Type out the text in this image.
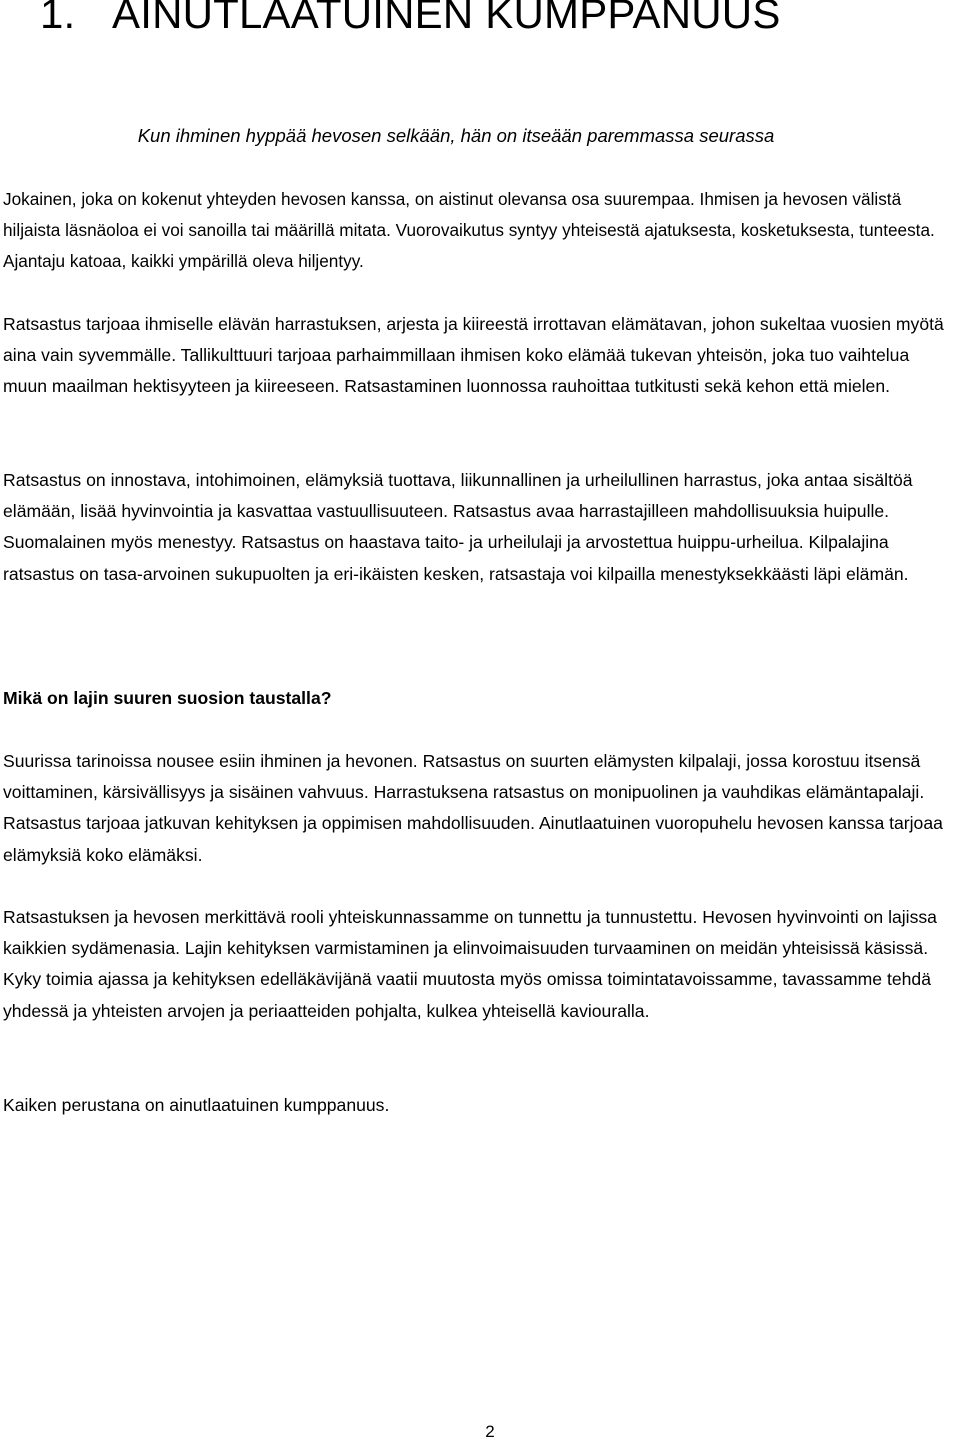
1. AINUTLAATUINEN KUMPPANUUS

Kun ihminen hyppää hevosen selkään, hän on itseään paremmassa seurassa

Jokainen, joka on kokenut yhteyden hevosen kanssa, on aistinut olevansa osa suurempaa. Ihmisen ja hevosen välistä hiljaista läsnäoloa ei voi sanoilla tai määrillä mitata. Vuorovaikutus syntyy yhteisestä ajatuksesta, kosketuksesta, tunteesta. Ajantaju katoaa, kaikki ympärillä oleva hiljentyy.

Ratsastus tarjoaa ihmiselle elävän harrastuksen, arjesta ja kiireestä irrottavan elämätavan, johon sukeltaa vuosien myötä aina vain syvemmälle. Tallikulttuuri tarjoaa parhaimmillaan ihmisen koko elämää tukevan yhteisön, joka tuo vaihtelua muun maailman hektisyyteen ja kiireeseen. Ratsastaminen luonnossa rauhoittaa tutkitusti sekä kehon että mielen.

Ratsastus on innostava, intohimoinen, elämyksiä tuottava, liikunnallinen ja urheilullinen harrastus, joka antaa sisältöä elämään, lisää hyvinvointia ja kasvattaa vastuullisuuteen. Ratsastus avaa harrastajilleen mahdollisuuksia huipulle. Suomalainen myös menestyy. Ratsastus on haastava taito- ja urheilulaji ja arvostettua huippu-urheilua. Kilpalajina ratsastus on tasa-arvoinen sukupuolten ja eri-ikäisten kesken, ratsastaja voi kilpailla menestyksekkäästi läpi elämän.

Mikä on lajin suuren suosion taustalla?

Suurissa tarinoissa nousee esiin ihminen ja hevonen. Ratsastus on suurten elämysten kilpalaji, jossa korostuu itsensä voittaminen, kärsivällisyys ja sisäinen vahvuus. Harrastuksena ratsastus on monipuolinen ja vauhdikas elämäntapalaji. Ratsastus tarjoaa jatkuvan kehityksen ja oppimisen mahdollisuuden. Ainutlaatuinen vuoropuhelu hevosen kanssa tarjoaa elämyksiä koko elämäksi.

Ratsastuksen ja hevosen merkittävä rooli yhteiskunnassamme on tunnettu ja tunnustettu. Hevosen hyvinvointi on lajissa kaikkien sydämenasia. Lajin kehityksen varmistaminen ja elinvoimaisuuden turvaaminen on meidän yhteisissä käsissä. Kyky toimia ajassa ja kehityksen edelläkävijänä vaatii muutosta myös omissa toimintatavoissamme, tavassamme tehdä yhdessä ja yhteisten arvojen ja periaatteiden pohjalta, kulkea yhteisellä kaviouralla.

Kaiken perustana on ainutlaatuinen kumppanuus.

2
